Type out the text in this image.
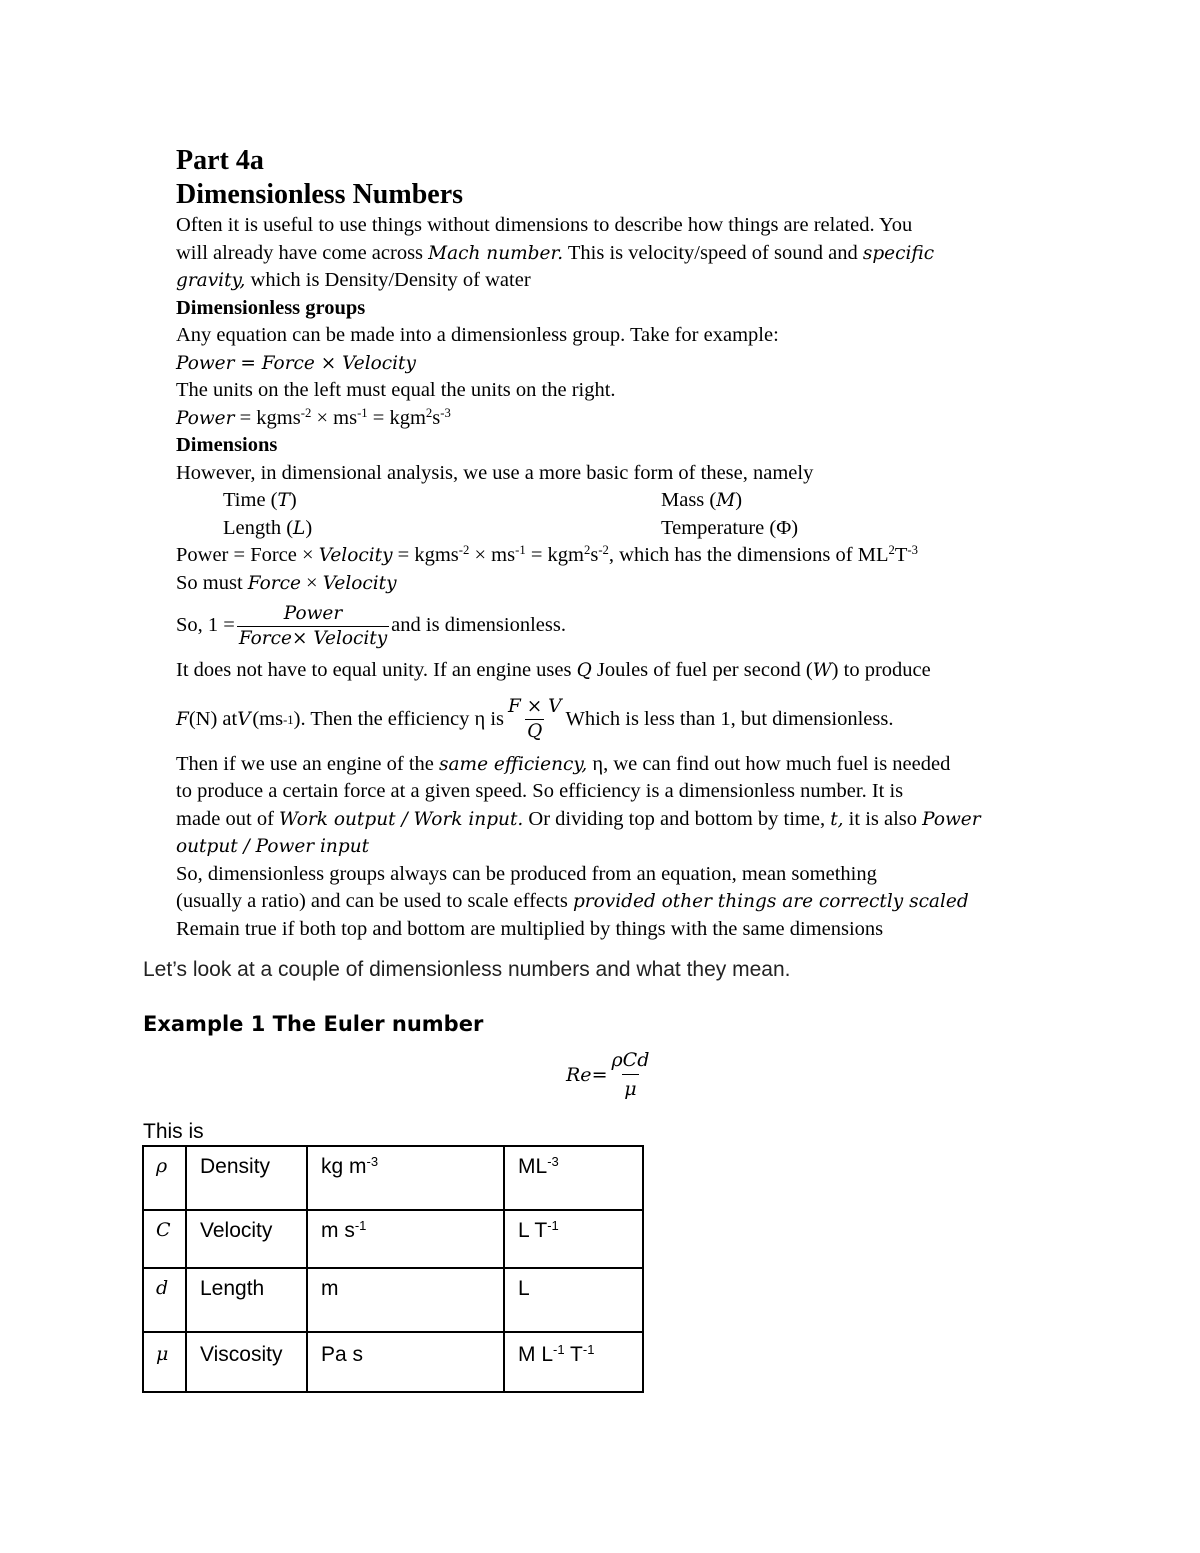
Part 4a

Dimensionless Numbers

Often it is useful to use things without dimensions to describe how things are related. You

will already have come across Mach number. This is velocity/speed of sound and specific

gravity, which is Density/Density of water

Dimensionless groups

Any equation can be made into a dimensionless group. Take for example:

Power = Force × Velocity

The units on the left must equal the units on the right.

Power = kgms$^{-2}$ × $ms^{-1} = kgm^2s^{-3}$

Dimensions

However, in dimensional analysis, we use a more basic form of these, namely

Time (T)	Mass (M)
Length (L)	Temperature (Φ)

Power = Force × Velocity = kgms$^{-2}$ × $ms^{-1} = kgm^2s^{-2}$, which has the dimensions of $ML^2T^{-3}$

So must Force × Velocity

So, $1 = \frac{\text{Power}}{\text{Force× Velocity}}$ and is dimensionless.

It does not have to equal unity. If an engine uses Q Joules of fuel per second (W) to produce

F (N) at V
  (ms -1 ). Then the efficiency η is $\frac{F \times V}{Q}$ Which is less than 1, but dimensionless.

Then if we use an engine of the same efficiency, η, we can find out how much fuel is needed

to produce a certain force at a given speed. So efficiency is a dimensionless number. It is

made out of Work output / Work input. Or dividing top and bottom by time, t, it is also Power

output / Power input

So, dimensionless groups always can be produced from an equation, mean something

(usually a ratio) and can be used to scale effects provided other things are correctly scaled

Remain true if both top and bottom are multiplied by things with the same dimensions

Let’s look at a couple of dimensionless numbers and what they mean.
Example 1 The Euler number
$Re = \frac{\text{ρCd}}{\mu}$
This is
ρ	Density	kg $m^{-3}$	$ML^{-3}$
C	Velocity	m $s^{-1}$	L $T^{-1}$
d	Length	m	L
μ	Viscosity	Pa s	M $L^{-1}$ $T^{-1}$
